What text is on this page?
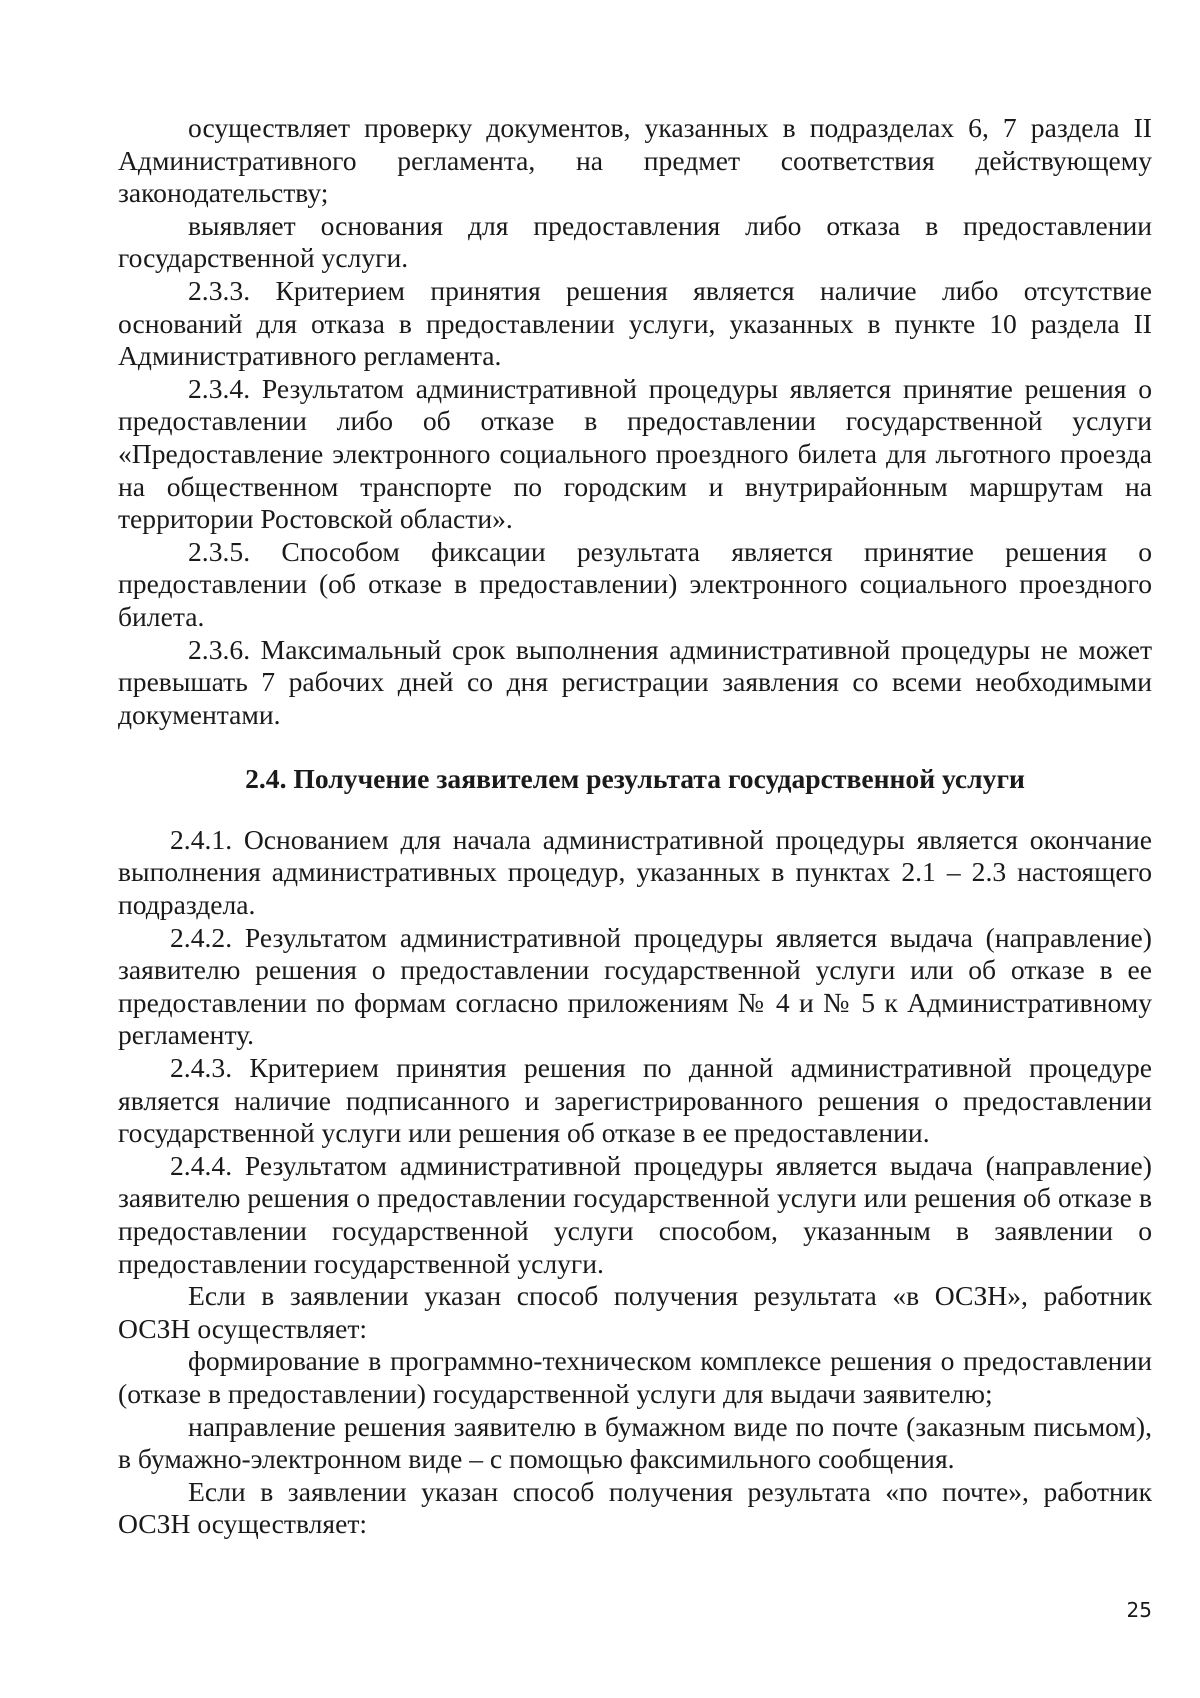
осуществляет проверку документов, указанных в подразделах 6, 7 раздела II Административного регламента, на предмет соответствия действующему законодательству;

выявляет основания для предоставления либо отказа в предоставлении государственной услуги.

2.3.3. Критерием принятия решения является наличие либо отсутствие оснований для отказа в предоставлении услуги, указанных в пункте 10 раздела II Административного регламента.

2.3.4. Результатом административной процедуры является принятие решения о предоставлении либо об отказе в предоставлении государственной услуги «Предоставление электронного социального проездного билета для льготного проезда на общественном транспорте по городским и внутрирайонным маршрутам на территории Ростовской области».

2.3.5. Способом фиксации результата является принятие решения о предоставлении (об отказе в предоставлении) электронного социального проездного билета.

2.3.6. Максимальный срок выполнения административной процедуры не может превышать 7 рабочих дней со дня регистрации заявления со всеми необходимыми документами.

2.4. Получение заявителем результата государственной услуги

2.4.1. Основанием для начала административной процедуры является окончание выполнения административных процедур, указанных в пунктах 2.1 – 2.3 настоящего подраздела.

2.4.2. Результатом административной процедуры является выдача (направление) заявителю решения о предоставлении государственной услуги или об отказе в ее предоставлении по формам согласно приложениям № 4 и № 5 к Административному регламенту.

2.4.3. Критерием принятия решения по данной административной процедуре является наличие подписанного и зарегистрированного решения о предоставлении государственной услуги или решения об отказе в ее предоставлении.

2.4.4. Результатом административной процедуры является выдача (направление) заявителю решения о предоставлении государственной услуги или решения об отказе в предоставлении государственной услуги способом, указанным в заявлении о предоставлении государственной услуги.

Если в заявлении указан способ получения результата «в ОСЗН», работник ОСЗН осуществляет:

формирование в программно-техническом комплексе решения о предоставлении (отказе в предоставлении) государственной услуги для выдачи заявителю;

направление решения заявителю в бумажном виде по почте (заказным письмом), в бумажно-электронном виде – с помощью факсимильного сообщения.

Если в заявлении указан способ получения результата «по почте», работник ОСЗН осуществляет:

25
